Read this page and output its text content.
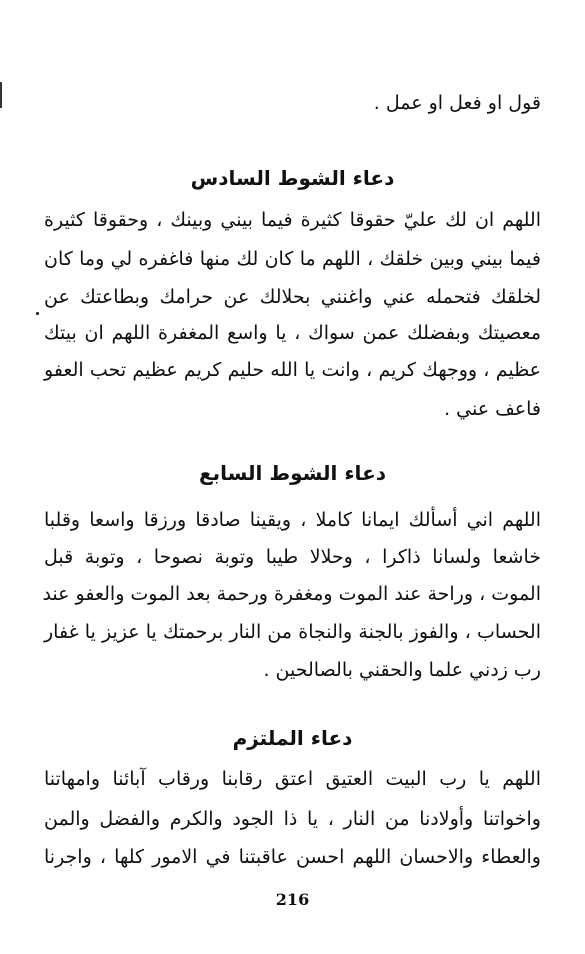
قول او فعل او عمل .
دعاء الشوط السادس
اللهم ان لك عليّ حقوقا كثيرة فيما بيني وبينك ، وحقوقا كثيرة
فيما بيني وبين خلقك ، اللهم ما كان لك منها فاغفره لي وما كان
لخلقك فتحمله عني واغنني بحلالك عن حرامك وبطاعتك عن
معصيتك وبفضلك عمن سواك ، يا واسع المغفرة اللهم ان بيتك
عظيم ، ووجهك كريم ، وانت يا الله حليم كريم عظيم تحب العفو
فاعف عني .
دعاء الشوط السابع
اللهم اني أسألك ايمانا كاملا ، ويقينا صادقا ورزقا واسعا وقلبا
خاشعا ولسانا ذاكرا ، وحلالا طيبا وتوبة نصوحا ، وتوبة قبل
الموت ، وراحة عند الموت ومغفرة ورحمة بعد الموت والعفو عند
الحساب ، والفوز بالجنة والنجاة من النار برحمتك يا عزيز يا غفار
رب زدني علما والحقني بالصالحين .
دعاء الملتزم
اللهم يا رب البيت العتيق اعتق رقابنا ورقاب آبائنا وامهاتنا
واخواتنا وأولادنا من النار ، يا ذا الجود والكرم والفضل والمن
والعطاء والاحسان اللهم احسن عاقبتنا في الامور كلها ، واجرنا
216
